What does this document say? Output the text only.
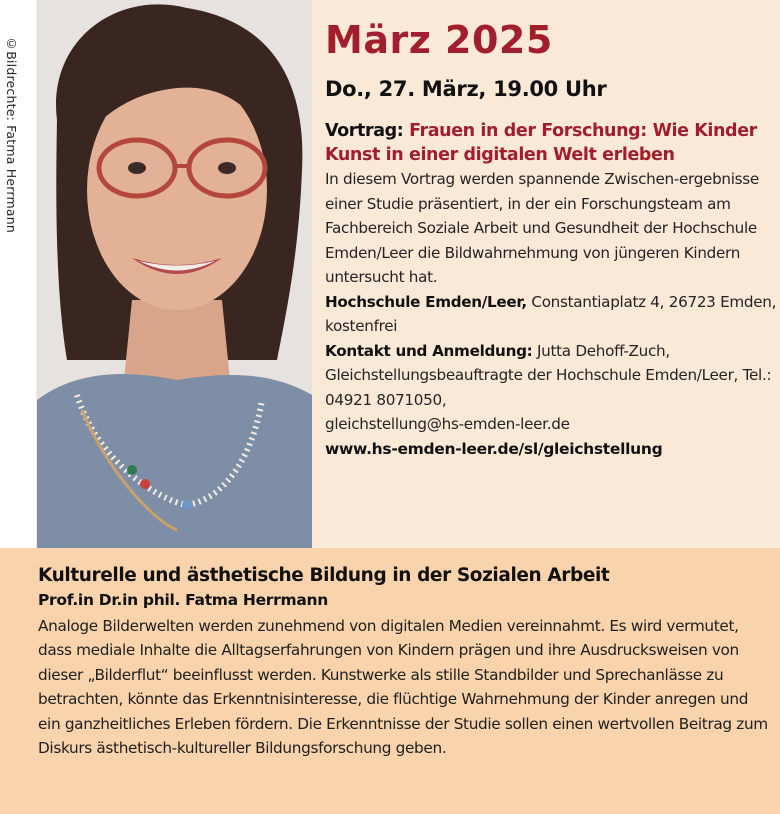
©Bildrechte: Fatma Herrmann	März 2025
Do., 27. März, 19.00 Uhr
Vortrag: Frauen in der Forschung: Wie Kinder Kunst in einer digitalen Welt erleben
In diesem Vortrag werden spannende Zwischen-ergebnisse einer Studie präsentiert, in der ein Forschungsteam am Fachbereich Soziale Arbeit und Gesundheit der Hochschule Emden/Leer die Bildwahrnehmung von jüngeren Kindern untersucht hat.
Hochschule Emden/Leer, Constantiaplatz 4, 26723 Emden, kostenfrei
Kontakt und Anmeldung: Jutta Dehoff-Zuch, Gleichstellungsbeauftragte der Hochschule Emden/Leer, Tel.: 04921 8071050,
gleichstellung@hs-emden-leer.de
www.hs-emden-leer.de/sl/gleichstellung
Kulturelle und ästhetische Bildung in der Sozialen Arbeit
Prof.in Dr.in phil. Fatma Herrmann
Analoge Bilderwelten werden zunehmend von digitalen Medien vereinnahmt. Es wird vermutet, dass mediale Inhalte die Alltagserfahrungen von Kindern prägen und ihre Ausdrucksweisen von dieser „Bilderflut“ beeinflusst werden. Kunstwerke als stille Standbilder und Sprechanlässe zu betrachten, könnte das Erkenntnisinteresse, die flüchtige Wahrnehmung der Kinder anregen und ein ganzheitliches Erleben fördern. Die Erkenntnisse der Studie sollen einen wertvollen Beitrag zum Diskurs ästhetisch-kultureller Bildungsforschung geben.
